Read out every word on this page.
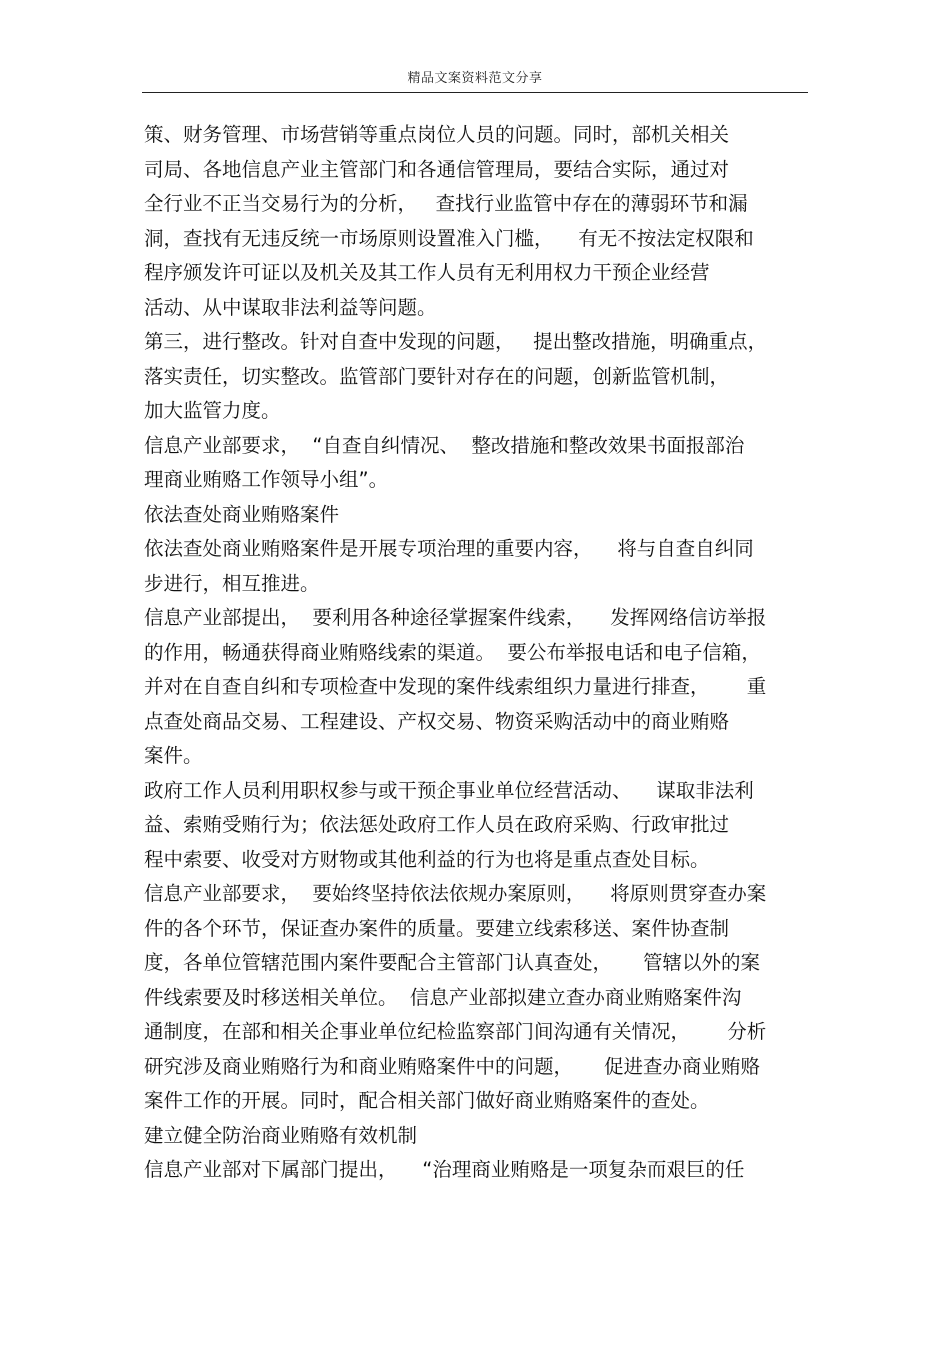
精品文案资料范文分享
策、财务管理、市场营销等重点岗位人员的问题。同时，部机关相关
司局、各地信息产业主管部门和各通信管理局，要结合实际，通过对
全行业不正当交易行为的分析，   查找行业监管中存在的薄弱环节和漏
洞，查找有无违反统一市场原则设置准入门槛，    有无不按法定权限和
程序颁发许可证以及机关及其工作人员有无利用权力干预企业经营
活动、从中谋取非法利益等问题。
第三，进行整改。针对自查中发现的问题，   提出整改措施，明确重点，
落实责任，切实整改。监管部门要针对存在的问题，创新监管机制，
加大监管力度。
信息产业部要求，  “自查自纠情况、  整改措施和整改效果书面报部治
理商业贿赂工作领导小组”。
依法查处商业贿赂案件
依法查处商业贿赂案件是开展专项治理的重要内容，    将与自查自纠同
步进行，相互推进。
信息产业部提出，  要利用各种途径掌握案件线索，    发挥网络信访举报
的作用，畅通获得商业贿赂线索的渠道。  要公布举报电话和电子信箱，
并对在自查自纠和专项检查中发现的案件线索组织力量进行排查，      重
点查处商品交易、工程建设、产权交易、物资采购活动中的商业贿赂
案件。
政府工作人员利用职权参与或干预企事业单位经营活动、    谋取非法利
益、索贿受贿行为；依法惩处政府工作人员在政府采购、行政审批过
程中索要、收受对方财物或其他利益的行为也将是重点查处目标。
信息产业部要求，  要始终坚持依法依规办案原则，    将原则贯穿查办案
件的各个环节，保证查办案件的质量。要建立线索移送、案件协查制
度，各单位管辖范围内案件要配合主管部门认真查处，     管辖以外的案
件线索要及时移送相关单位。  信息产业部拟建立查办商业贿赂案件沟
通制度，在部和相关企事业单位纪检监察部门间沟通有关情况，      分析
研究涉及商业贿赂行为和商业贿赂案件中的问题，     促进查办商业贿赂
案件工作的开展。同时，配合相关部门做好商业贿赂案件的查处。
建立健全防治商业贿赂有效机制
信息产业部对下属部门提出，    “治理商业贿赂是一项复杂而艰巨的任
